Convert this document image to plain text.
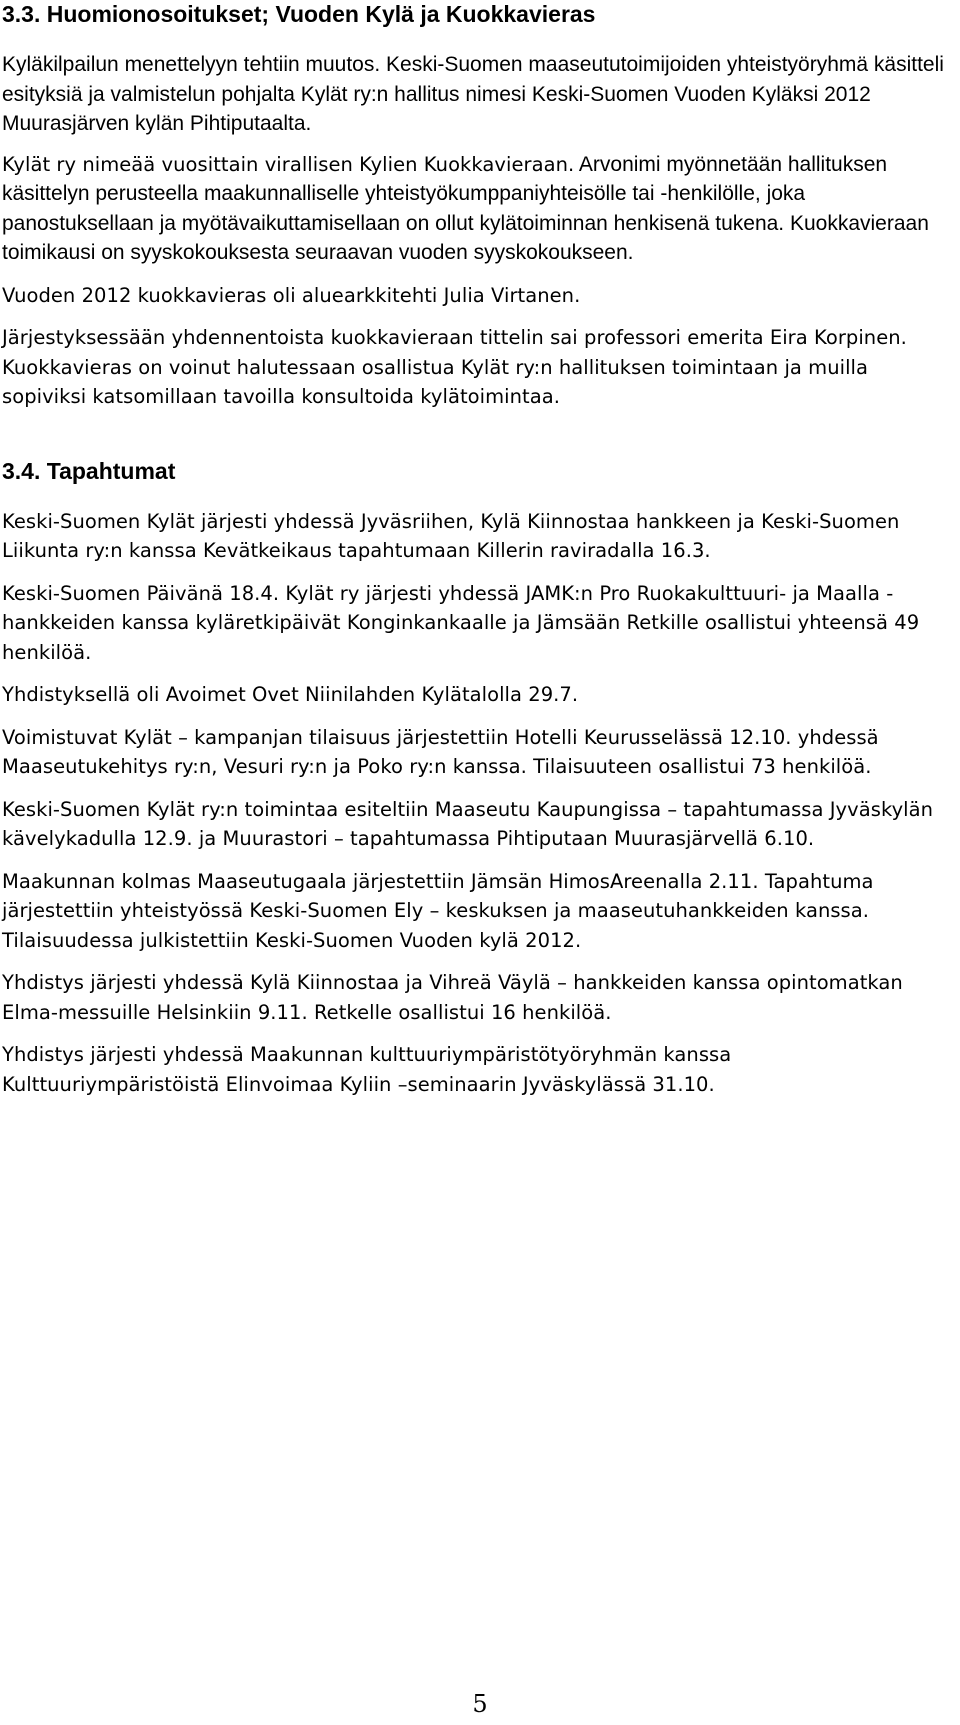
3.3. Huomionosoitukset; Vuoden Kylä ja Kuokkavieras

Kyläkilpailun menettelyyn tehtiin muutos. Keski-Suomen maaseututoimijoiden yhteistyöryhmä käsitteli esityksiä ja valmistelun pohjalta Kylät ry:n hallitus nimesi Keski-Suomen Vuoden Kyläksi 2012 Muurasjärven kylän Pihtiputaalta.

Kylät ry nimeää vuosittain virallisen Kylien Kuokkavieraan. Arvonimi myönnetään hallituksen käsittelyn perusteella maakunnalliselle yhteistyökumppaniyhteisölle tai -henkilölle, joka panostuksellaan ja myötävaikuttamisellaan on ollut kylätoiminnan henkisenä tukena. Kuokkavieraan toimikausi on syyskokouksesta seuraavan vuoden syyskokoukseen.

Vuoden 2012 kuokkavieras oli aluearkkitehti Julia Virtanen.

Järjestyksessään yhdennentoista kuokkavieraan tittelin sai professori emerita Eira Korpinen. Kuokkavieras on voinut halutessaan osallistua Kylät ry:n hallituksen toimintaan ja muilla sopiviksi katsomillaan tavoilla konsultoida kylätoimintaa.

3.4. Tapahtumat

Keski-Suomen Kylät järjesti yhdessä Jyväsriihen, Kylä Kiinnostaa hankkeen ja Keski-Suomen Liikunta ry:n kanssa Kevätkeikaus tapahtumaan Killerin raviradalla 16.3.

Keski-Suomen Päivänä 18.4. Kylät ry järjesti yhdessä JAMK:n Pro Ruokakulttuuri- ja Maalla -hankkeiden kanssa kyläretkipäivät Konginkankaalle ja Jämsään Retkille osallistui yhteensä 49 henkilöä.

Yhdistyksellä oli Avoimet Ovet Niinilahden Kylätalolla 29.7.

Voimistuvat Kylät – kampanjan tilaisuus järjestettiin Hotelli Keurusselässä 12.10. yhdessä Maaseutukehitys ry:n, Vesuri ry:n ja Poko ry:n kanssa. Tilaisuuteen osallistui 73 henkilöä.

Keski-Suomen Kylät ry:n toimintaa esiteltiin Maaseutu Kaupungissa – tapahtumassa Jyväskylän kävelykadulla 12.9. ja Muurastori – tapahtumassa Pihtiputaan Muurasjärvellä 6.10.

Maakunnan kolmas Maaseutugaala järjestettiin Jämsän HimosAreenalla 2.11. Tapahtuma järjestettiin yhteistyössä Keski-Suomen Ely – keskuksen ja maaseutuhankkeiden kanssa. Tilaisuudessa julkistettiin Keski-Suomen Vuoden kylä 2012.

Yhdistys järjesti yhdessä Kylä Kiinnostaa ja Vihreä Väylä – hankkeiden kanssa opintomatkan Elma-messuille Helsinkiin 9.11. Retkelle osallistui 16 henkilöä.

Yhdistys järjesti yhdessä Maakunnan kulttuuriympäristötyöryhmän kanssa Kulttuuriympäristöistä Elinvoimaa Kyliin –seminaarin Jyväskylässä 31.10.

5
